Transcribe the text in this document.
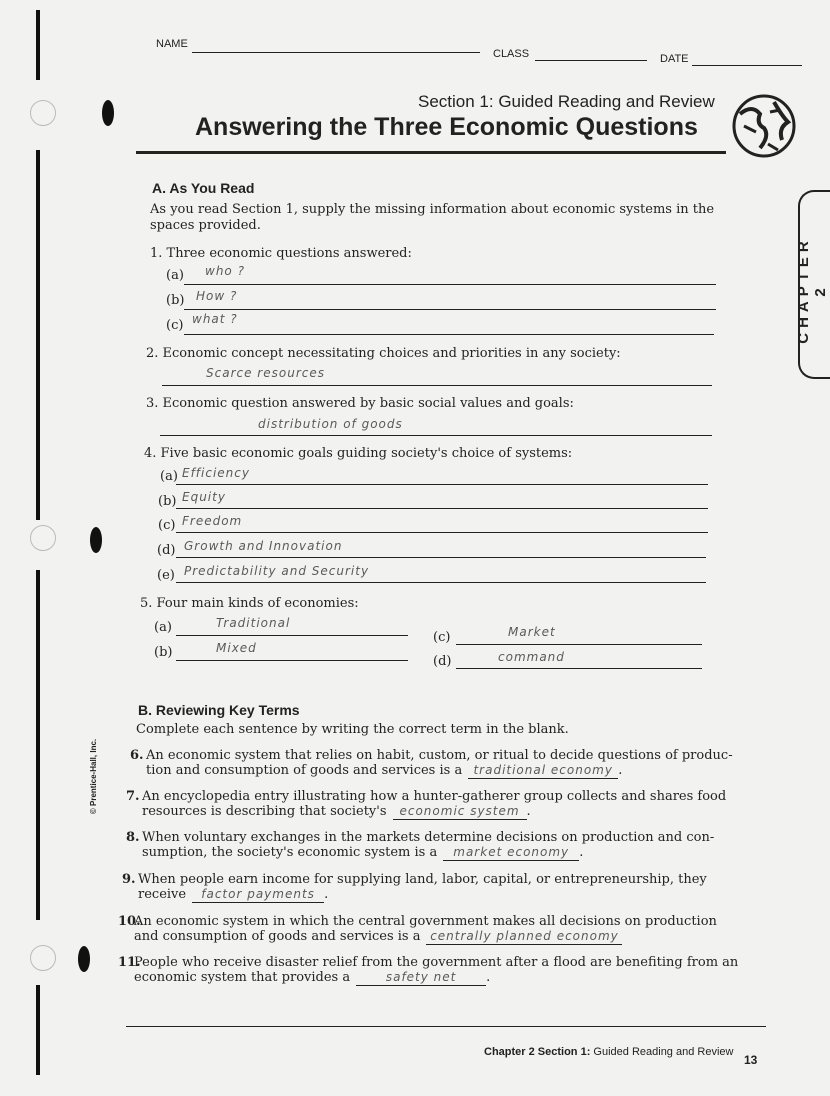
NAME
CLASS	DATE
Section 1: Guided Reading and Review
Answering the Three Economic Questions
CHAPTER 2
A. As You Read
As you read Section 1, supply the missing information about economic systems in the spaces provided.
1. Three economic questions answered:
(a) who ?
(b) How ?
(c) what ?
2. Economic concept necessitating choices and priorities in any society:
Scarce resources
3. Economic question answered by basic social values and goals:
distribution of goods
4. Five basic economic goals guiding society's choice of systems:
(a) Efficiency
(b) Equity
(c) Freedom
(d) Growth and Innovation
(e) Predictability and Security
5. Four main kinds of economies:
(a)	Traditional
(b)	Mixed
(c)	Market
(d)	command
B. Reviewing Key Terms
Complete each sentence by writing the correct term in the blank.
© Prentice-Hall, Inc. 6. An economic system that relies on habit, custom, or ritual to decide questions of produc-
tion and consumption of goods and services is a traditional economy .
7. An encyclopedia entry illustrating how a hunter-gatherer group collects and shares food
resources is describing that society's economic system .
8. When voluntary exchanges in the markets determine decisions on production and con-
sumption, the society's economic system is a market economy .
9. When people earn income for supplying land, labor, capital, or entrepreneurship, they
receive factor payments .
10.
An economic system in which the central government makes all decisions on production
and consumption of goods and services is a centrally planned economy
11.
People who receive disaster relief from the government after a flood are benefiting from an
economic system that provides a	safety net .
Chapter 2 Section 1: Guided Reading and Review
13
